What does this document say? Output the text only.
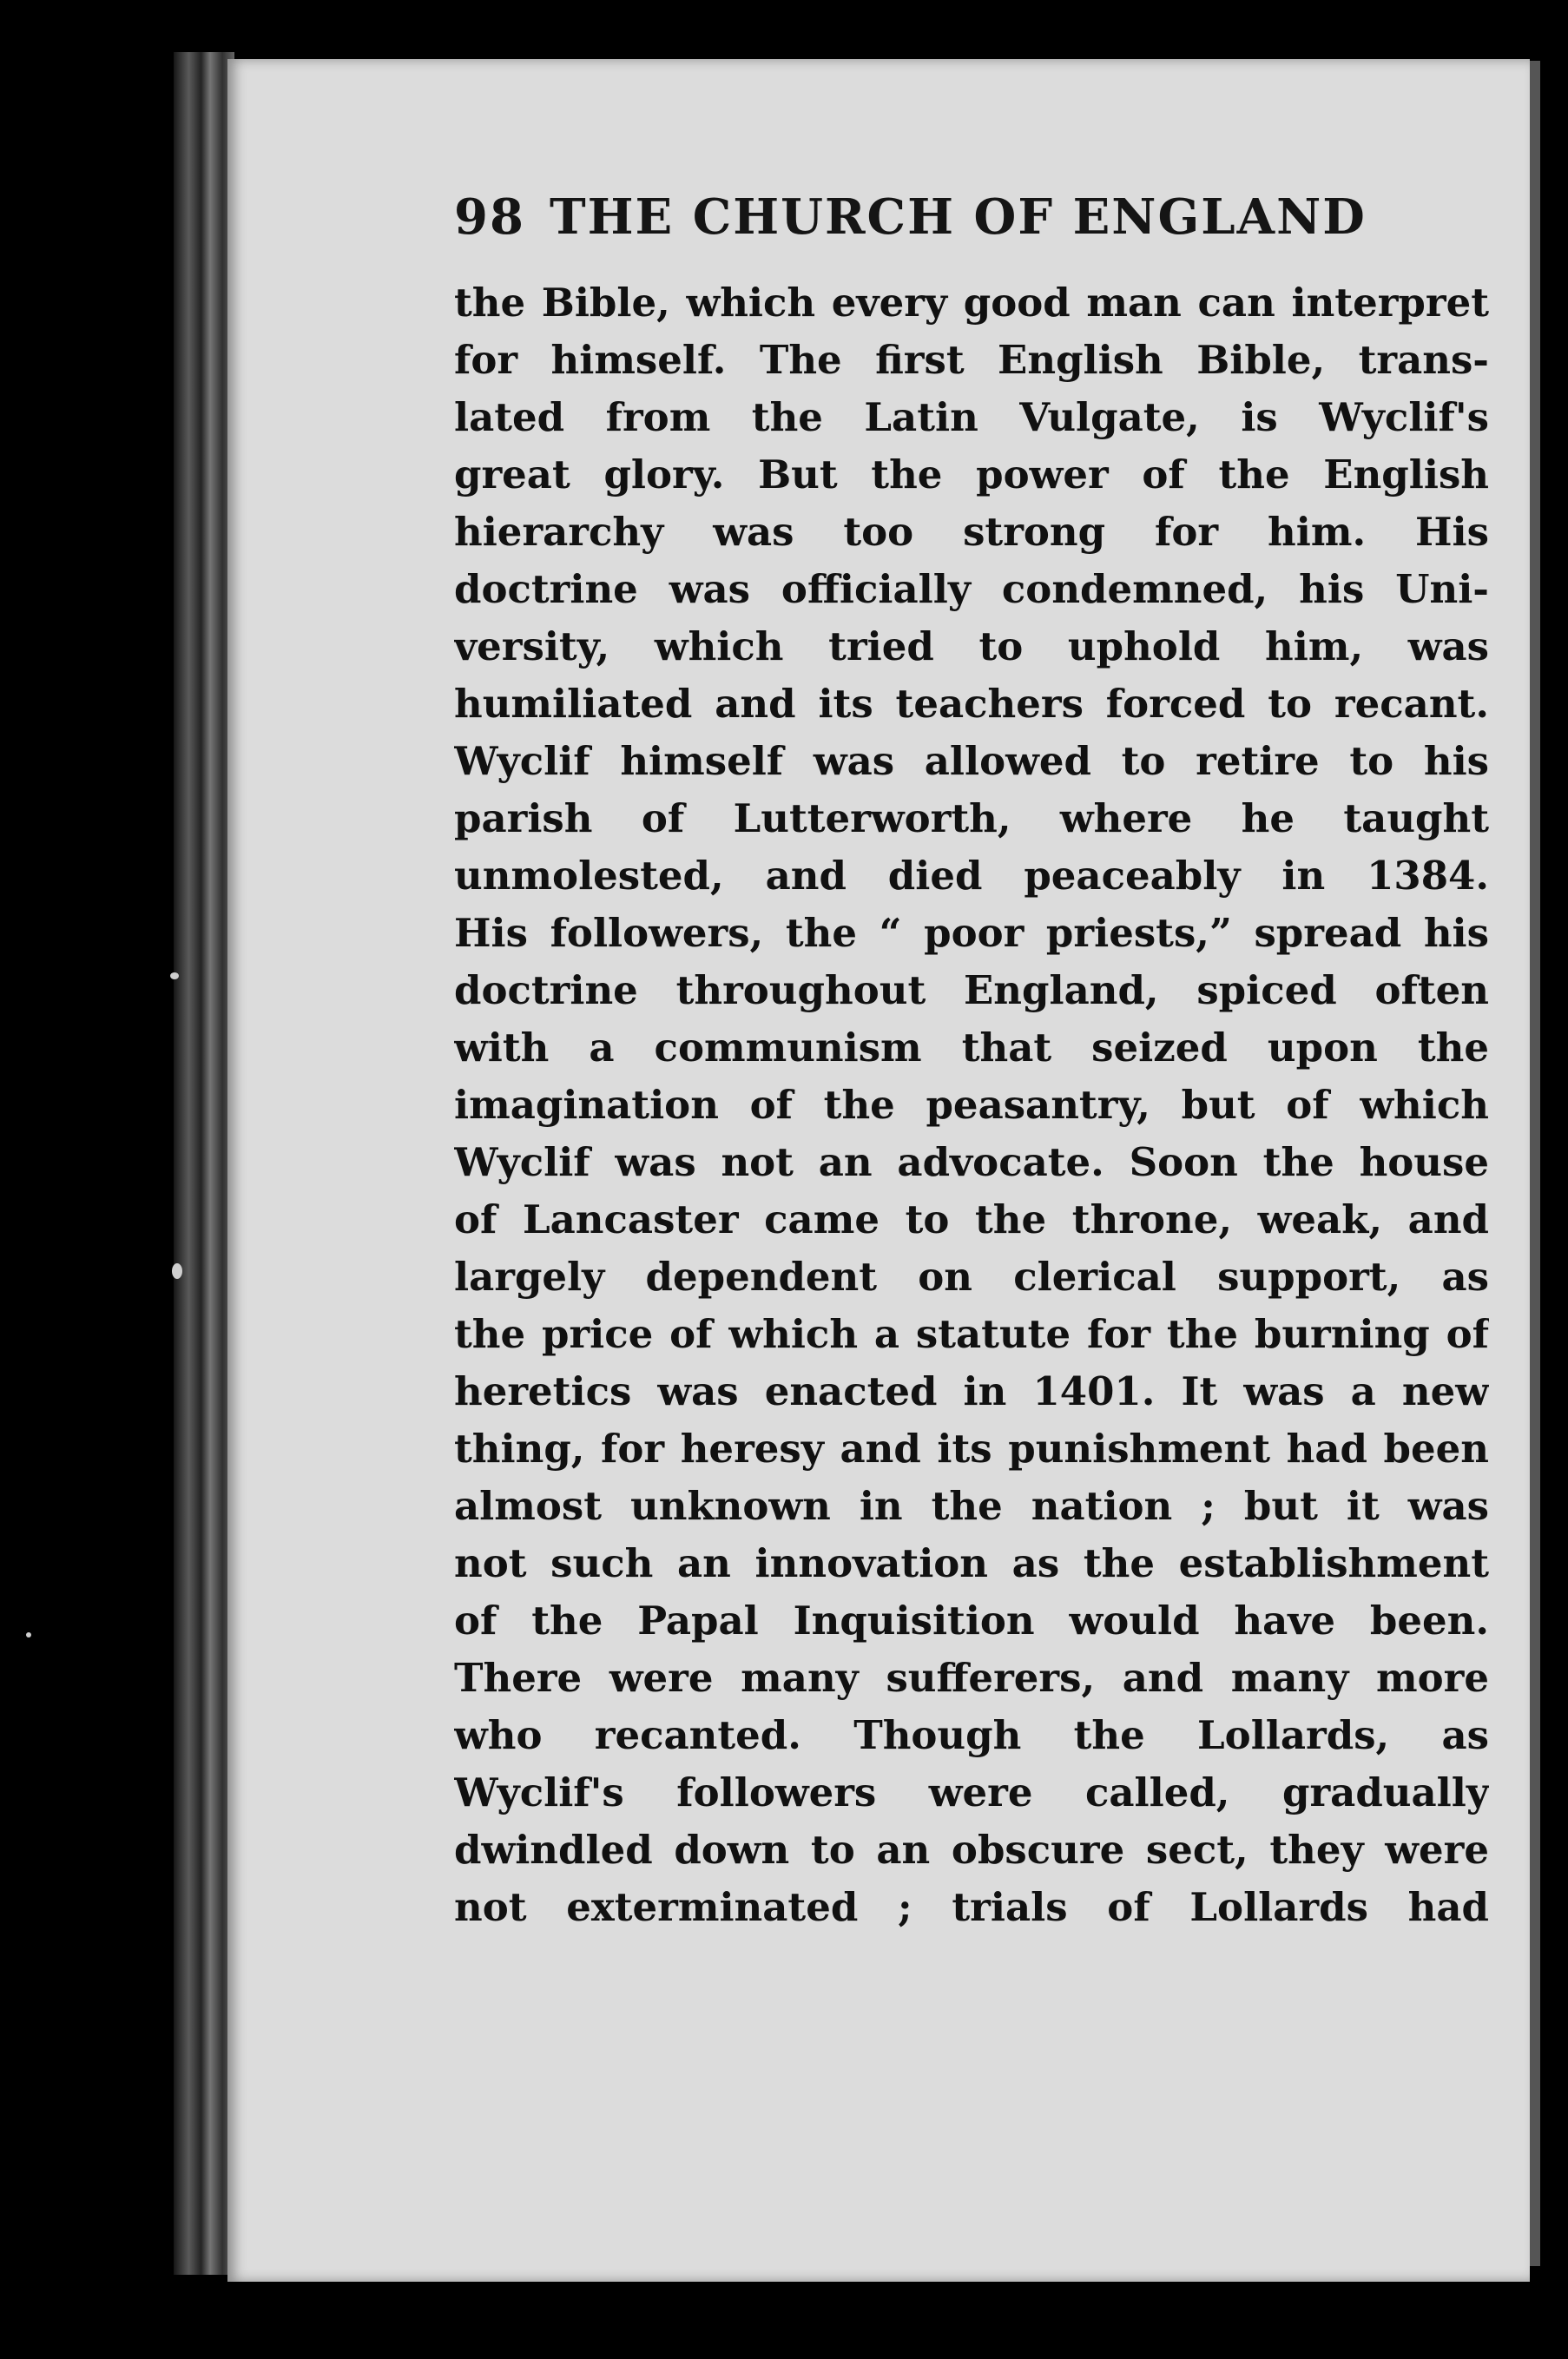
98 THE CHURCH OF ENGLAND
the Bible, which every good man can interpret
for himself. The first English Bible, trans-
lated from the Latin Vulgate, is Wyclif's
great glory. But the power of the English
hierarchy was too strong for him. His
doctrine was officially condemned, his Uni-
versity, which tried to uphold him, was
humiliated and its teachers forced to recant.
Wyclif himself was allowed to retire to his
parish of Lutterworth, where he taught
unmolested, and died peaceably in 1384.
His followers, the “ poor priests,” spread his
doctrine throughout England, spiced often
with a communism that seized upon the
imagination of the peasantry, but of which
Wyclif was not an advocate. Soon the house
of Lancaster came to the throne, weak, and
largely dependent on clerical support, as
the price of which a statute for the burning of
heretics was enacted in 1401. It was a new
thing, for heresy and its punishment had been
almost unknown in the nation ; but it was
not such an innovation as the establishment
of the Papal Inquisition would have been.
There were many sufferers, and many more
who recanted. Though the Lollards, as
Wyclif's followers were called, gradually
dwindled down to an obscure sect, they were
not exterminated ; trials of Lollards had
